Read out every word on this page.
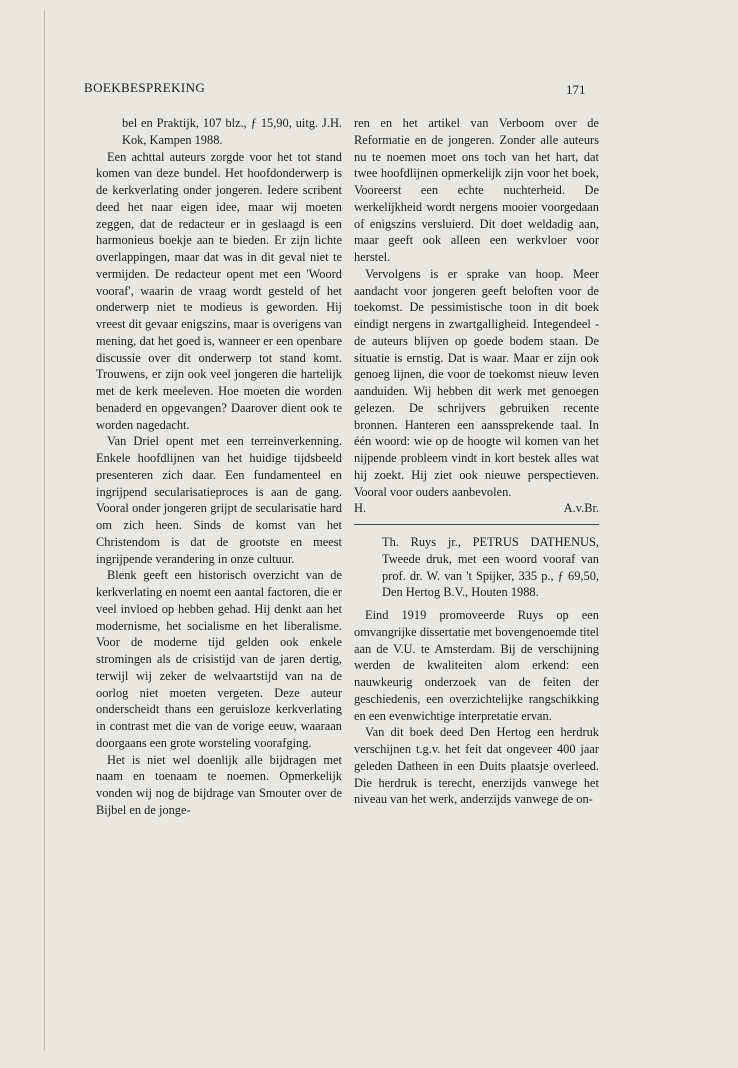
BOEKBESPREKING	171

bel en Praktijk, 107 blz., ƒ 15,90, uitg. J.H. Kok, Kampen 1988.

Een achttal auteurs zorgde voor het tot stand komen van deze bundel. Het hoofdonderwerp is de kerkverlating onder jongeren. Iedere scribent deed het naar eigen idee, maar wij moeten zeggen, dat de redacteur er in geslaagd is een harmonieus boekje aan te bieden. Er zijn lichte overlappingen, maar dat was in dit geval niet te vermijden. De redacteur opent met een 'Woord vooraf', waarin de vraag wordt gesteld of het onderwerp niet te modieus is geworden. Hij vreest dit gevaar enigszins, maar is overigens van mening, dat het goed is, wanneer er een openbare discussie over dit onderwerp tot stand komt. Trouwens, er zijn ook veel jongeren die hartelijk met de kerk meeleven. Hoe moeten die worden benaderd en opgevangen? Daarover dient ook te worden nagedacht.

Van Driel opent met een terreinverkenning. Enkele hoofdlijnen van het huidige tijdsbeeld presenteren zich daar. Een fundamenteel en ingrijpend secularisatieproces is aan de gang. Vooral onder jongeren grijpt de secularisatie hard om zich heen. Sinds de komst van het Christendom is dat de grootste en meest ingrijpende verandering in onze cultuur.

Blenk geeft een historisch overzicht van de kerkverlating en noemt een aantal factoren, die er veel invloed op hebben gehad. Hij denkt aan het modernisme, het socialisme en het liberalisme. Voor de moderne tijd gelden ook enkele stromingen als de crisistijd van de jaren dertig, terwijl wij zeker de welvaartstijd van na de oorlog niet moeten vergeten. Deze auteur onderscheidt thans een geruisloze kerkverlating in contrast met die van de vorige eeuw, waaraan doorgaans een grote worsteling voorafging.

Het is niet wel doenlijk alle bijdragen met naam en toenaam te noemen. Opmerkelijk vonden wij nog de bijdrage van Smouter over de Bijbel en de jonge-

ren en het artikel van Verboom over de Reformatie en de jongeren. Zonder alle auteurs nu te noemen moet ons toch van het hart, dat twee hoofdlijnen opmerkelijk zijn voor het boek, Vooreerst een echte nuchterheid. De werkelijkheid wordt nergens mooier voorgedaan of enigszins versluierd. Dit doet weldadig aan, maar geeft ook alleen een werkvloer voor herstel.

Vervolgens is er sprake van hoop. Meer aandacht voor jongeren geeft beloften voor de toekomst. De pessimistische toon in dit boek eindigt nergens in zwartgalligheid. Integendeel - de auteurs blijven op goede bodem staan. De situatie is ernstig. Dat is waar. Maar er zijn ook genoeg lijnen, die voor de toekomst nieuw leven aanduiden. Wij hebben dit werk met genoegen gelezen. De schrijvers gebruiken recente bronnen. Hanteren een aanssprekende taal. In één woord: wie op de hoogte wil komen van het nijpende probleem vindt in kort bestek alles wat hij zoekt. Hij ziet ook nieuwe perspectieven. Vooral voor ouders aanbevolen.

H.	A.v.Br.

Th. Ruys jr., PETRUS DATHENUS, Tweede druk, met een woord vooraf van prof. dr. W. van 't Spijker, 335 p., ƒ 69,50, Den Hertog B.V., Houten 1988.

Eind 1919 promoveerde Ruys op een omvangrijke dissertatie met bovengenoemde titel aan de V.U. te Amsterdam. Bij de verschijning werden de kwaliteiten alom erkend: een nauwkeurig onderzoek van de feiten der geschiedenis, een overzichtelijke rangschikking en een evenwichtige interpretatie ervan.

Van dit boek deed Den Hertog een herdruk verschijnen t.g.v. het feit dat ongeveer 400 jaar geleden Datheen in een Duits plaatsje overleed. Die herdruk is terecht, enerzijds vanwege het niveau van het werk, anderzijds vanwege de on-
